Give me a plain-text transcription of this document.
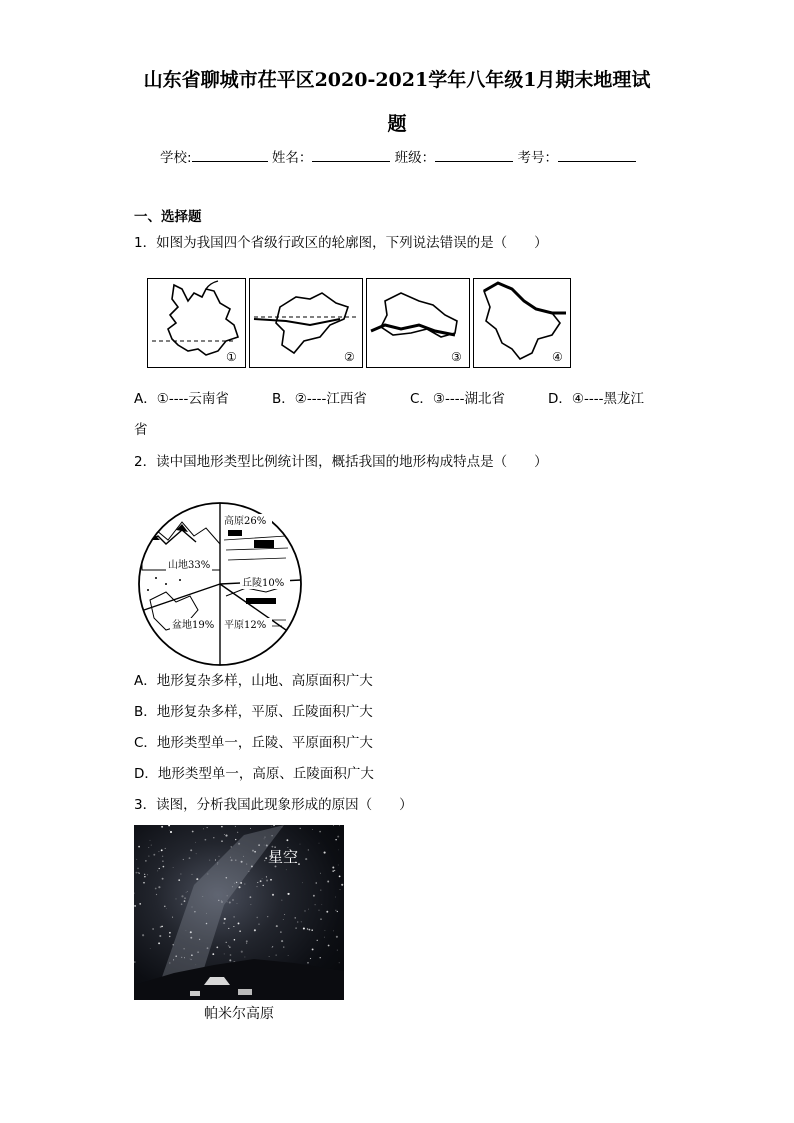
山东省聊城市茌平区2020-2021学年八年级1月期末地理试
题
学校:	姓名：	班级：	考号：
一、选择题
1．如图为我国四个省级行政区的轮廓图，下列说法错误的是（　　）
①	②	③	④
A．①----云南省	B．②----江西省	C．③----湖北省	D．④----黑龙江
省
2．读中国地形类型比例统计图，概括我国的地形构成特点是（　　）
高原26%
山地33%
丘陵10%
盆地19% 平原12%
A．地形复杂多样，山地、高原面积广大
B．地形复杂多样，平原、丘陵面积广大
C．地形类型单一，丘陵、平原面积广大
D．地形类型单一，高原、丘陵面积广大
3．读图，分析我国此现象形成的原因（　　）
星空
帕米尔高原
